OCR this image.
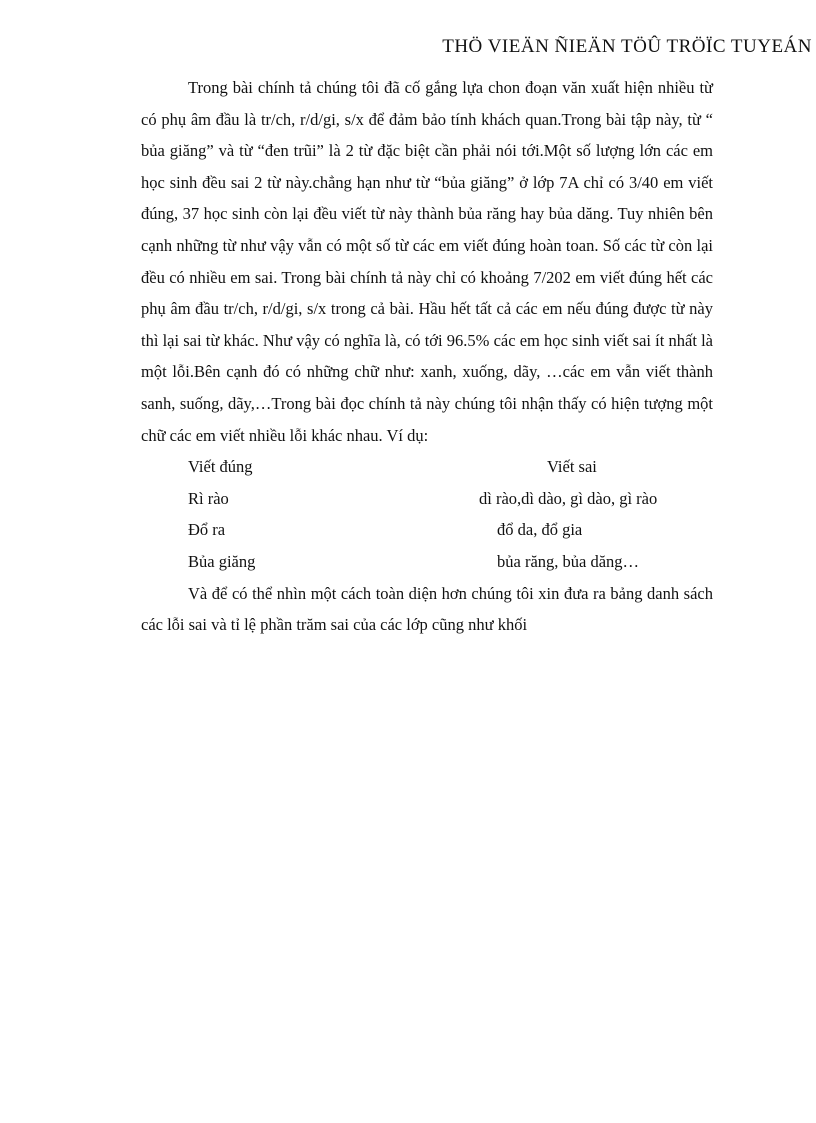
THÖ VIEÄN ÑIEÄN TÖÛ TRÖÏC TUYEÁN

Trong bài chính tả chúng tôi đã cố gắng lựa chon đoạn văn xuất hiện nhiều từ có phụ âm đầu là tr/ch, r/d/gi, s/x để đảm bảo tính khách quan.Trong bài tập này, từ “ bủa giăng” và từ “đen trũi” là 2 từ đặc biệt cần phải nói tới.Một số lượng lớn các em học sinh đều sai 2 từ này.chẳng hạn như từ “bủa giăng” ở lớp 7A chỉ có 3/40 em viết đúng, 37 học sinh còn lại đều viết từ này thành bủa răng hay bủa dăng. Tuy nhiên bên cạnh những từ như vậy vẫn có một số từ các em viết đúng hoàn toan. Số các từ còn lại đều có nhiều em sai. Trong bài chính tả này chỉ có khoảng 7/202 em viết đúng hết các phụ âm đầu tr/ch, r/d/gi, s/x trong cả bài. Hầu hết tất cả các em nếu đúng được từ này thì lại sai từ khác. Như vậy có nghĩa là, có tới 96.5% các em học sinh viết sai ít nhất là một lỗi.Bên cạnh đó có những chữ như: xanh, xuống, dãy, …các em vẫn viết thành sanh, suống, dãy,…Trong bài đọc chính tả này chúng tôi nhận thấy có hiện tượng một chữ các em viết nhiều lỗi khác nhau. Ví dụ:

Viết đúng	Viết sai
Rì rào	dì rào,dì dào, gì dào, gì rào
Đổ ra	đổ da, đổ gia
Bủa giăng	bủa răng, bủa dăng…

Và để có thể nhìn một cách toàn diện hơn chúng tôi xin đưa ra bảng danh sách các lỗi sai và tỉ lệ phần trăm sai của các lớp cũng như khối
